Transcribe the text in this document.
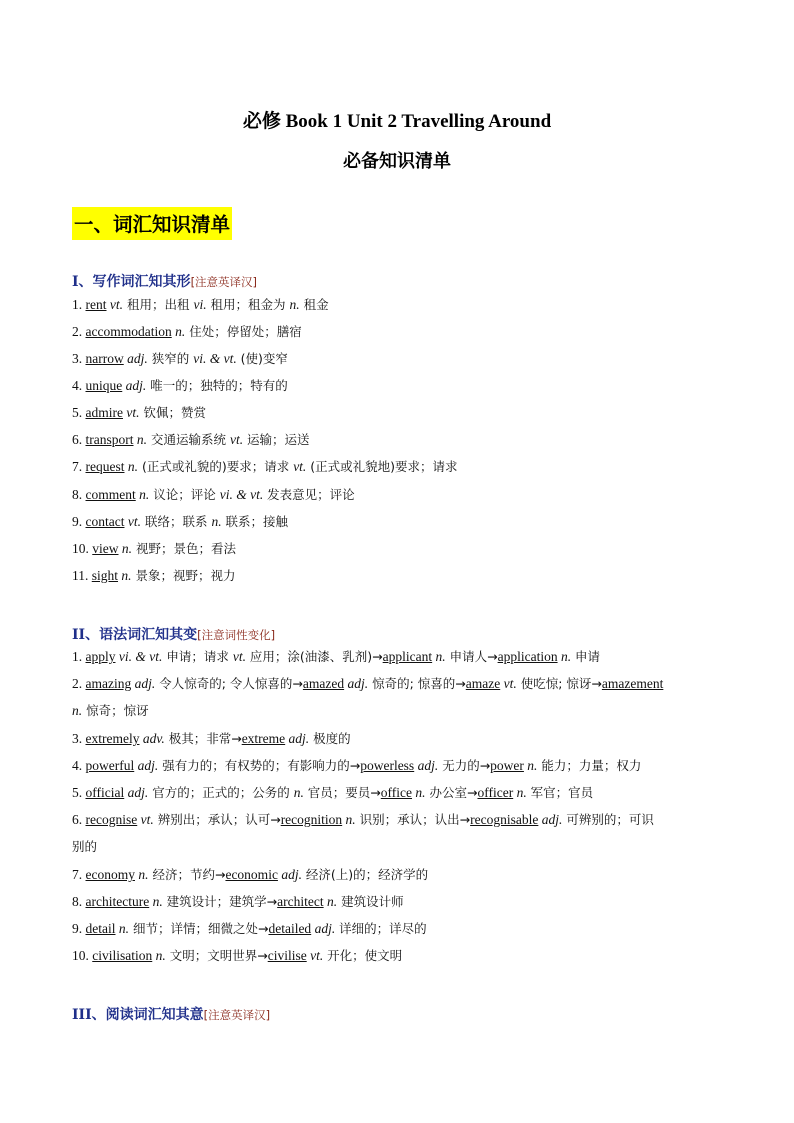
必修 Book 1 Unit 2 Travelling Around
必备知识清单
一、词汇知识清单
I、写作词汇知其形[注意英译汉]
1. rent vt. 租用；出租 vi. 租用；租金为 n. 租金
2. accommodation n. 住处；停留处；膳宿
3. narrow adj. 狭窄的 vi. & vt. (使)变窄
4. unique adj. 唯一的；独特的；特有的
5. admire vt. 钦佩；赞赏
6. transport n. 交通运输系统 vt. 运输；运送
7. request n. (正式或礼貌的)要求；请求 vt. (正式或礼貌地)要求；请求
8. comment n. 议论；评论 vi. & vt. 发表意见；评论
9. contact vt. 联络；联系 n. 联系；接触
10. view n. 视野；景色；看法
11. sight n. 景象；视野；视力
II、语法词汇知其变[注意词性变化]
1. apply vi. & vt. 申请；请求 vt. 应用；涂(油漆、乳剂)→applicant n. 申请人→application n. 申请
2. amazing adj. 令人惊奇的; 令人惊喜的→amazed adj. 惊奇的; 惊喜的→amaze vt. 使吃惊; 惊讶→amazement
n. 惊奇；惊讶
3. extremely adv. 极其；非常→extreme adj. 极度的
4. powerful adj. 强有力的；有权势的；有影响力的→powerless adj. 无力的→power n. 能力；力量；权力
5. official adj. 官方的；正式的；公务的 n. 官员；要员→office n. 办公室→officer n. 军官；官员
6. recognise vt. 辨别出；承认；认可→recognition n. 识别；承认；认出→recognisable adj. 可辨别的；可识
别的
7. economy n. 经济；节约→economic adj. 经济(上)的；经济学的
8. architecture n. 建筑设计；建筑学→architect n. 建筑设计师
9. detail n. 细节；详情；细微之处→detailed adj. 详细的；详尽的
10. civilisation n. 文明；文明世界→civilise vt. 开化；使文明
III、阅读词汇知其意[注意英译汉]
